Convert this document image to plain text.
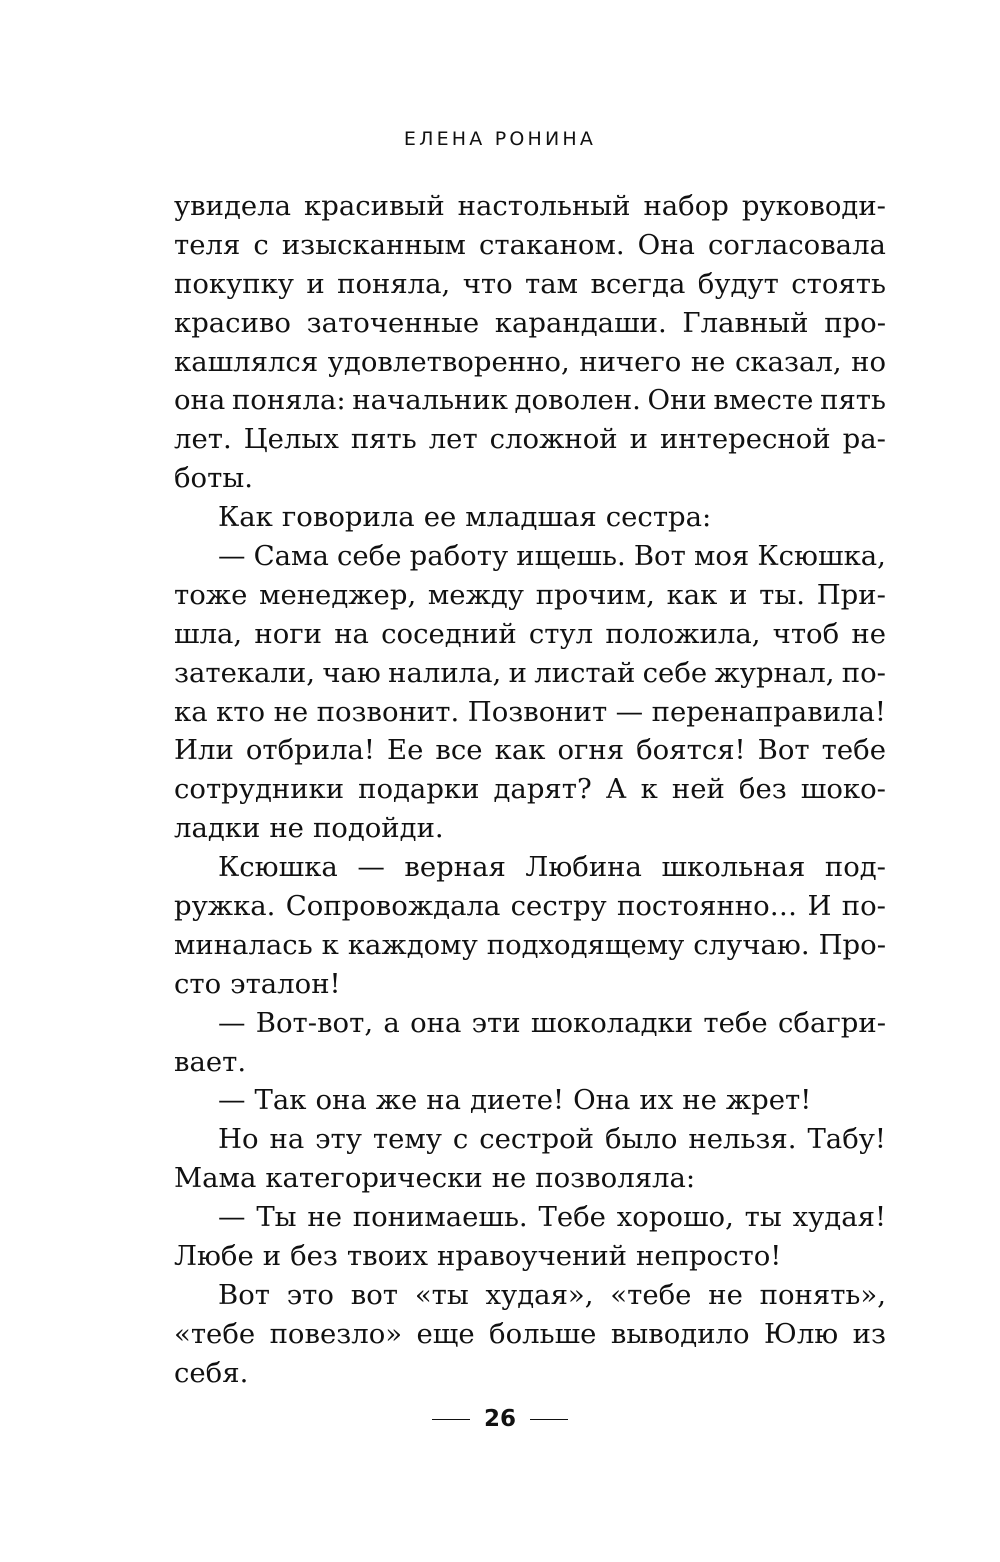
ЕЛЕНА РОНИНА
увидела красивый настольный набор руководи-
теля с изысканным стаканом. Она согласовала
покупку и поняла, что там всегда будут стоять
красиво заточенные карандаши. Главный про-
кашлялся удовлетворенно, ничего не сказал, но
она поняла: начальник доволен. Они вместе пять
лет. Целых пять лет сложной и интересной ра-
боты.
Как говорила ее младшая сестра:
— Сама себе работу ищешь. Вот моя Ксюшка,
тоже менеджер, между прочим, как и ты. При-
шла, ноги на соседний стул положила, чтоб не
затекали, чаю налила, и листай себе журнал, по-
ка кто не позвонит. Позвонит — перенаправила!
Или отбрила! Ее все как огня боятся! Вот тебе
сотрудники подарки дарят? А к ней без шоко-
ладки не подойди.
Ксюшка — верная Любина школьная под-
ружка. Сопровождала сестру постоянно… И по-
миналась к каждому подходящему случаю. Про-
сто эталон!
— Вот-вот, а она эти шоколадки тебе сбагри-
вает.
— Так она же на диете! Она их не жрет!
Но на эту тему с сестрой было нельзя. Табу!
Мама категорически не позволяла:
— Ты не понимаешь. Тебе хорошо, ты худая!
Любе и без твоих нравоучений непросто!
Вот это вот «ты худая», «тебе не понять»,
«тебе повезло» еще больше выводило Юлю из
себя.
26
